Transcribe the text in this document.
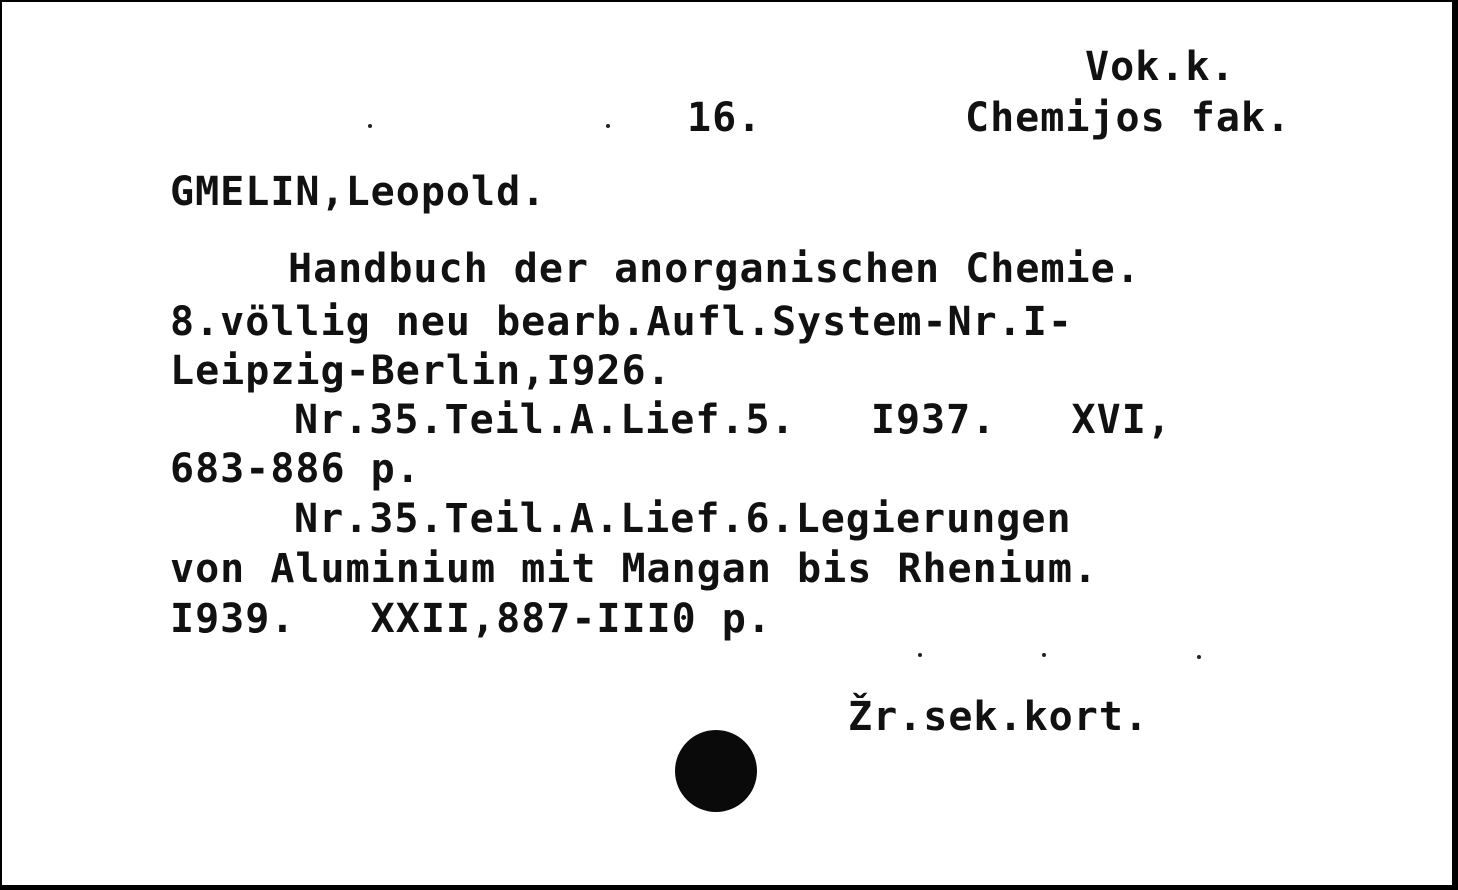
Vok.k.
16.	Chemijos fak.
GMELIN,Leopold.
Handbuch der anorganischen Chemie.
8.völlig neu bearb.Aufl.System-Nr.I-
Leipzig-Berlin,I926.
Nr.35.Teil.A.Lief.5.   I937.   XVI,
683-886 p.
Nr.35.Teil.A.Lief.6.Legierungen
von Aluminium mit Mangan bis Rhenium.
I939.   XXII,887-III0 p.
Žr.sek.kort.
